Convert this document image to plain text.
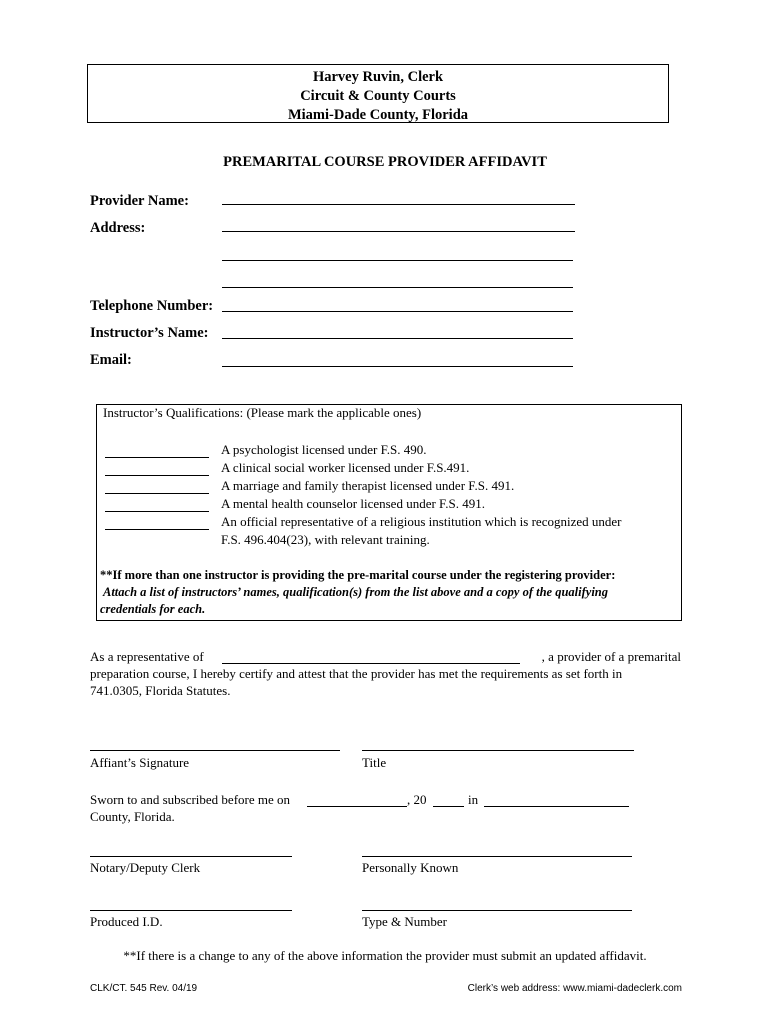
Harvey Ruvin, Clerk
Circuit & County Courts
Miami-Dade County, Florida
PREMARITAL COURSE PROVIDER AFFIDAVIT
Provider Name:
Address:
Telephone Number:
Instructor’s Name:
Email:
Instructor’s Qualifications: (Please mark the applicable ones)
A psychologist licensed under F.S. 490.
A clinical social worker licensed under F.S.491.
A marriage and family therapist licensed under F.S. 491.
A mental health counselor licensed under F.S. 491.
An official representative of a religious institution which is recognized under
F.S. 496.404(23), with relevant training.
**If more than one instructor is providing the pre-marital course under the registering provider:
Attach a list of instructors’ names, qualification(s) from the list above and a copy of the qualifying
credentials for each.
As a representative of	, a provider of a premarital
preparation course, I hereby certify and attest that the provider has met the requirements as set forth in
741.0305, Florida Statutes.
Affiant’s Signature	Title
Sworn to and subscribed before me on	, 20	in
County, Florida.
Notary/Deputy Clerk	Personally Known
Produced I.D.	Type & Number
**If there is a change to any of the above information the provider must submit an updated affidavit.
CLK/CT. 545 Rev. 04/19	Clerk’s web address: www.miami-dadeclerk.com
